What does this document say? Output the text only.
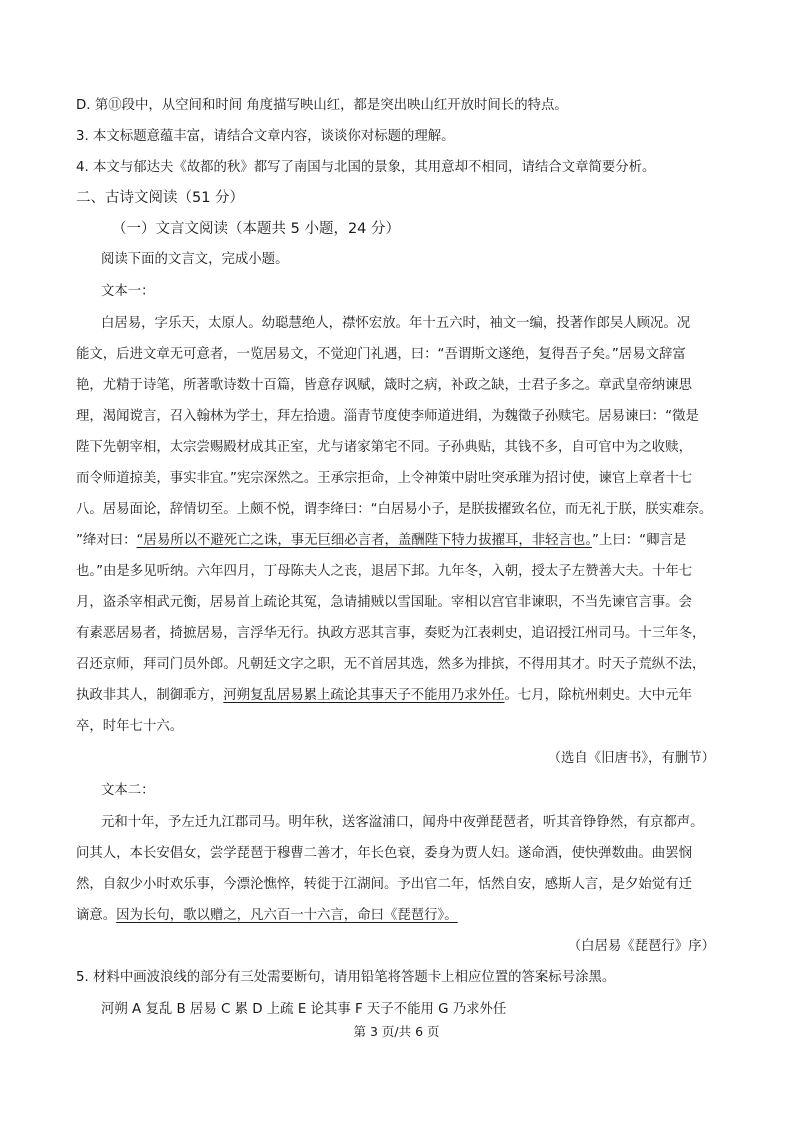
D. 第⑪段中，从空间和时间 角度描写映山红，都是突出映山红开放时间长的特点。
3. 本文标题意蕴丰富，请结合文章内容，谈谈你对标题的理解。
4. 本文与郁达夫《故都的秋》都写了南国与北国的景象，其用意却不相同，请结合文章简要分析。
二、古诗文阅读（51 分）
（一）文言文阅读（本题共 5 小题，24 分）
阅读下面的文言文，完成小题。
文本一：
白居易，字乐天，太原人。幼聪慧绝人，襟怀宏放。年十五六时，袖文一编，投著作郎吴人顾况。况
能文，后进文章无可意者，一览居易文，不觉迎门礼遇，曰：“吾谓斯文遂绝，复得吾子矣。”居易文辞富
艳，尤精于诗笔，所著歌诗数十百篇，皆意存讽赋，箴时之病，补政之缺，士君子多之。章武皇帝纳谏思
理，渴闻谠言，召入翰林为学士，拜左拾遗。淄青节度使李师道进绢，为魏徵子孙赎宅。居易谏曰：“徵是
陛下先朝宰相，太宗尝赐殿材成其正室，尤与诸家第宅不同。子孙典贴，其钱不多，自可官中为之收赎，
而令师道掠美，事实非宜。”宪宗深然之。王承宗拒命，上令神策中尉吐突承璀为招讨使，谏官上章者十七
八。居易面论，辞情切至。上颇不悦，谓李绛曰：“白居易小子，是朕拔擢致名位，而无礼于朕，朕实难奈。
”绛对曰：“居易所以不避死亡之诛，事无巨细必言者，盖酬陛下特力拔擢耳，非轻言也。”上曰：“卿言是
也。”由是多见听纳。六年四月，丁母陈夫人之丧，退居下邽。九年冬，入朝，授太子左赞善大夫。十年七
月，盗杀宰相武元衡，居易首上疏论其冤，急请捕贼以雪国耻。宰相以宫官非谏职，不当先谏官言事。会
有素恶居易者，掎摭居易，言浮华无行。执政方恶其言事，奏贬为江表刺史，追诏授江州司马。十三年冬，
召还京师，拜司门员外郎。凡朝廷文字之职，无不首居其选，然多为排摈，不得用其才。时天子荒纵不法，
执政非其人，制御乖方，河朔复乱居易累上疏论其事天子不能用乃求外任。七月，除杭州刺史。大中元年
卒，时年七十六。
（选自《旧唐书》，有删节）
文本二：
元和十年，予左迁九江郡司马。明年秋，送客湓浦口，闻舟中夜弹琵琶者，听其音铮铮然，有京都声。
问其人，本长安倡女，尝学琵琶于穆曹二善才，年长色衰，委身为贾人妇。遂命酒，使快弹数曲。曲罢悯
然，自叙少小时欢乐事，今漂沦憔悴，转徙于江湖间。予出官二年，恬然自安，感斯人言，是夕始觉有迁
谪意。因为长句，歌以赠之，凡六百一十六言，命曰《琵琶行》。
（白居易《琵琶行》序）
5. 材料中画波浪线的部分有三处需要断句，请用铅笔将答题卡上相应位置的答案标号涂黑。
河朔 A 复乱 B 居易 C 累 D 上疏 E 论其事 F 天子不能用 G 乃求外任
第 3 页/共 6 页
